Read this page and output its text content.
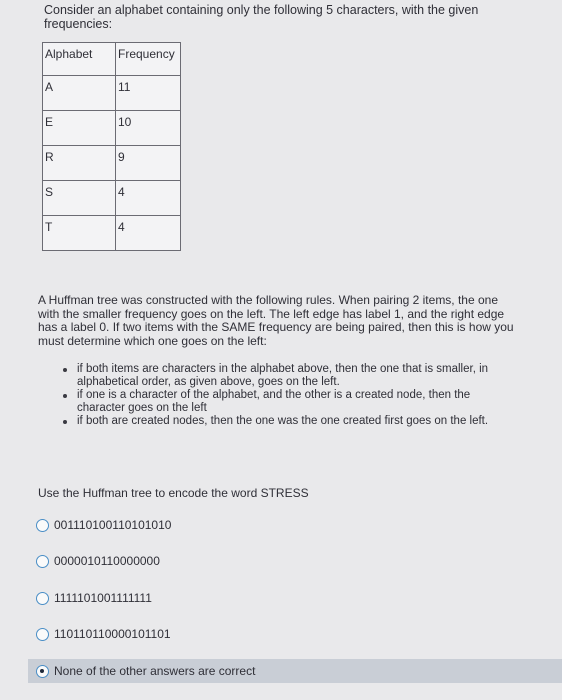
Consider an alphabet containing only the following 5 characters, with the given frequencies:
Alphabet	Frequency
A	11
E	10
R	9
S	4
T	4
A Huffman tree was constructed with the following rules. When pairing 2 items, the one with the smaller frequency goes on the left. The left edge has label 1, and the right edge has a label 0. If two items with the SAME frequency are being paired, then this is how you must determine which one goes on the left:
if both items are characters in the alphabet above, then the one that is smaller, in alphabetical order, as given above, goes on the left.
if one is a character of the alphabet, and the other is a created node, then the character goes on the left
if both are created nodes, then the one was the one created first goes on the left.
Use the Huffman tree to encode the word STRESS
001110100110101010
0000010110000000
1111101001111111
110110110000101101
None of the other answers are correct
